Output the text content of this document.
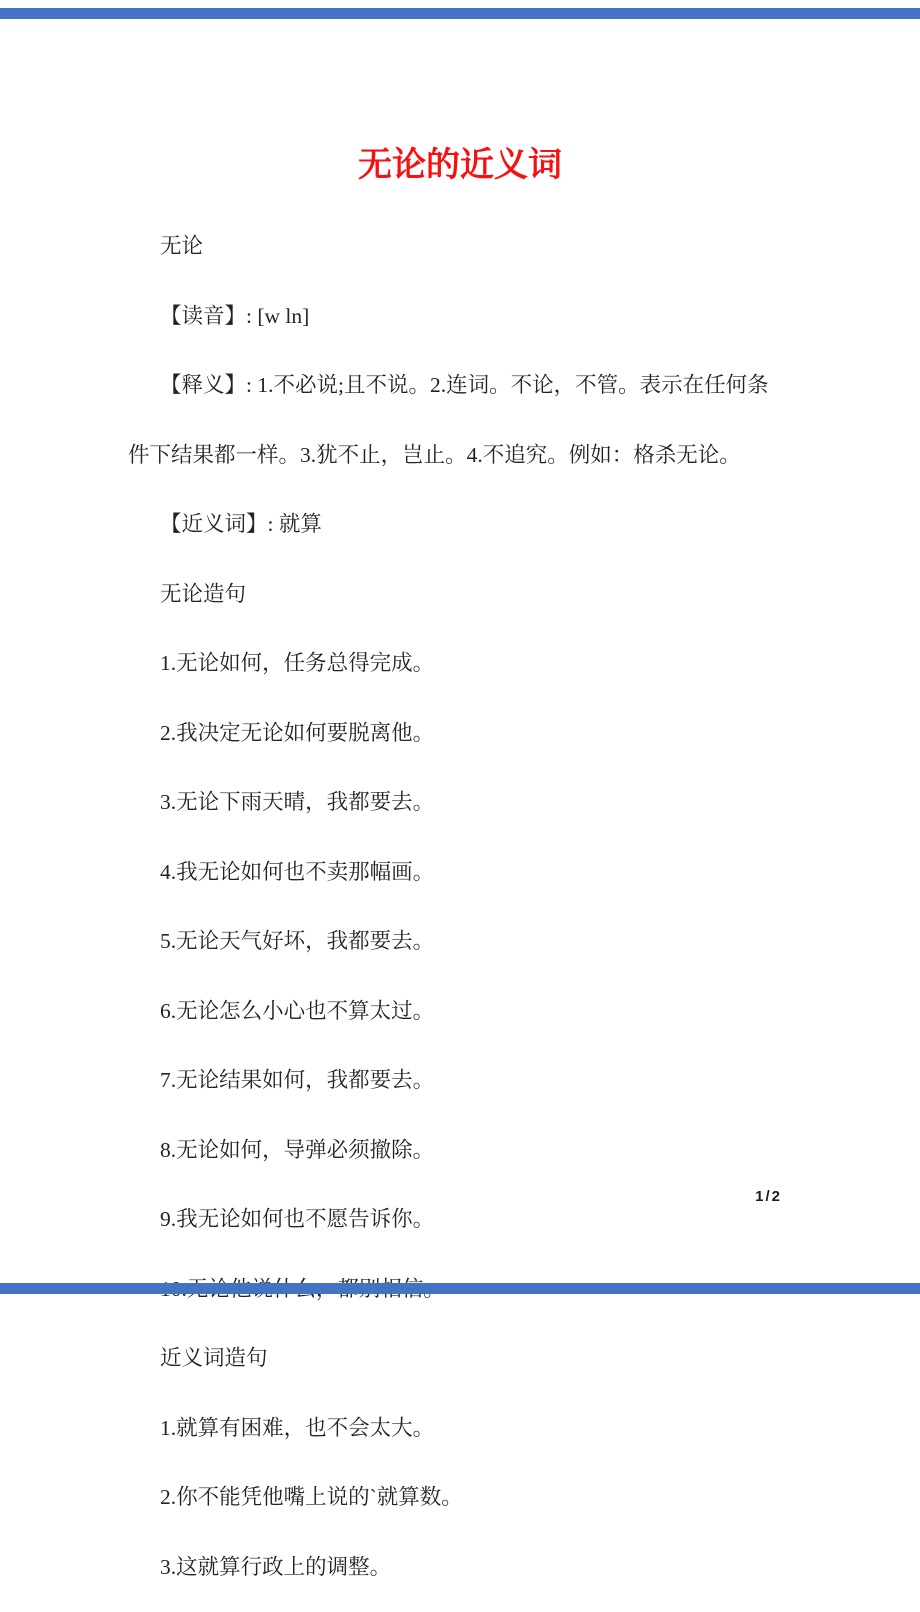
无论的近义词

无论

【读音】: [w ln]

【释义】: 1.不必说;且不说。2.连词。不论，不管。表示在任何条

件下结果都一样。3.犹不止，岂止。4.不追究。例如：格杀无论。

【近义词】: 就算

无论造句

1.无论如何，任务总得完成。

2.我决定无论如何要脱离他。

3.无论下雨天晴，我都要去。

4.我无论如何也不卖那幅画。

5.无论天气好坏，我都要去。

6.无论怎么小心也不算太过。

7.无论结果如何，我都要去。

8.无论如何，导弹必须撤除。

9.我无论如何也不愿告诉你。

近义词造句

1.就算有困难，也不会太大。

2.你不能凭他嘴上说的`就算数。

3.这就算行政上的调整。

1/2
